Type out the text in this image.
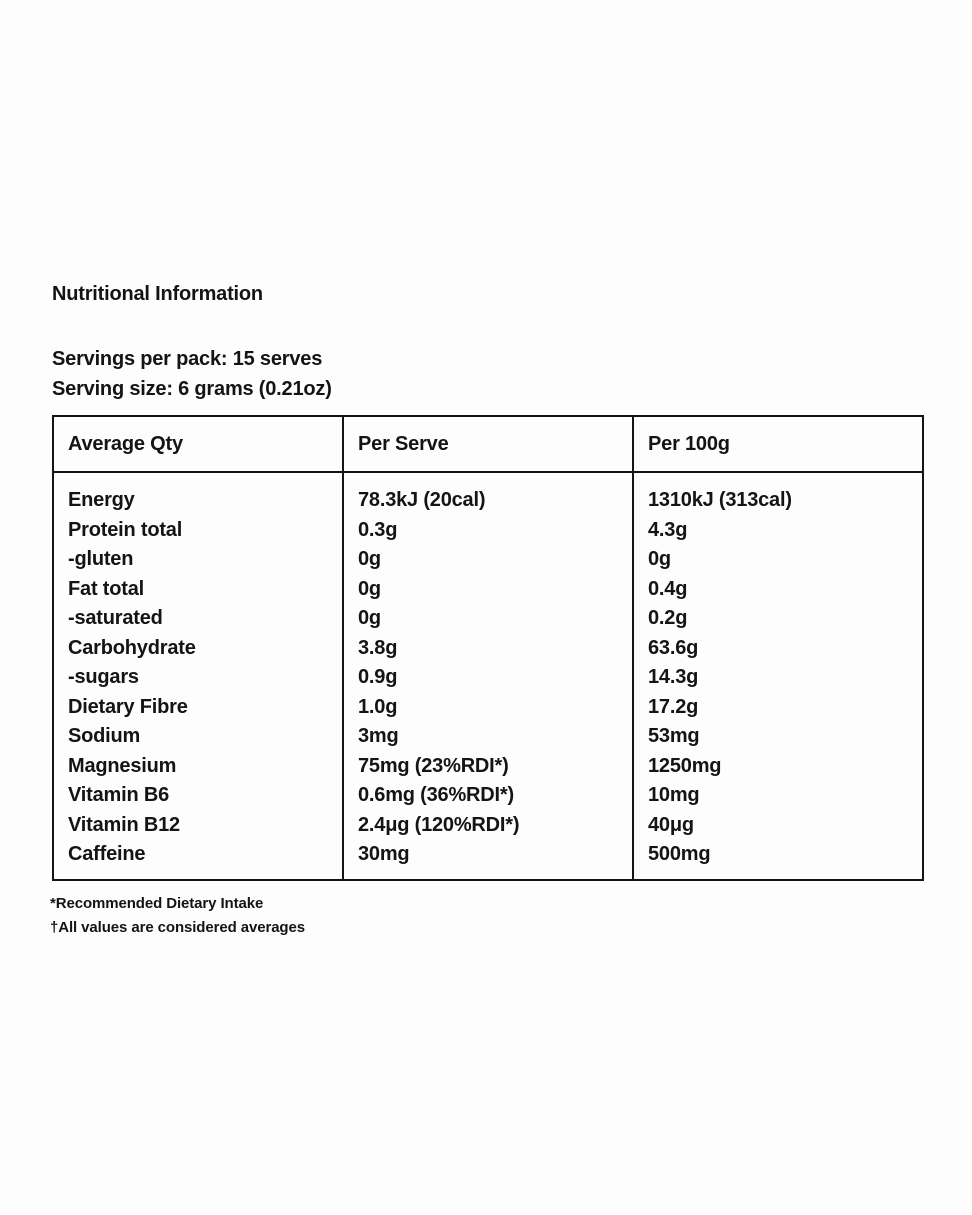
Nutritional Information
Servings per pack: 15 serves
Serving size: 6 grams (0.21oz)
Average Qty	Per Serve	Per 100g
Energy	78.3kJ (20cal)	1310kJ (313cal)
Protein total	0.3g	4.3g
-gluten	0g	0g
Fat total	0g	0.4g
-saturated	0g	0.2g
Carbohydrate	3.8g	63.6g
-sugars	0.9g	14.3g
Dietary Fibre	1.0g	17.2g
Sodium	3mg	53mg
Magnesium	75mg (23%RDI*)	1250mg
Vitamin B6	0.6mg (36%RDI*)	10mg
Vitamin B12	2.4μg (120%RDI*)	40μg
Caffeine	30mg	500mg
*Recommended Dietary Intake
†All values are considered averages
